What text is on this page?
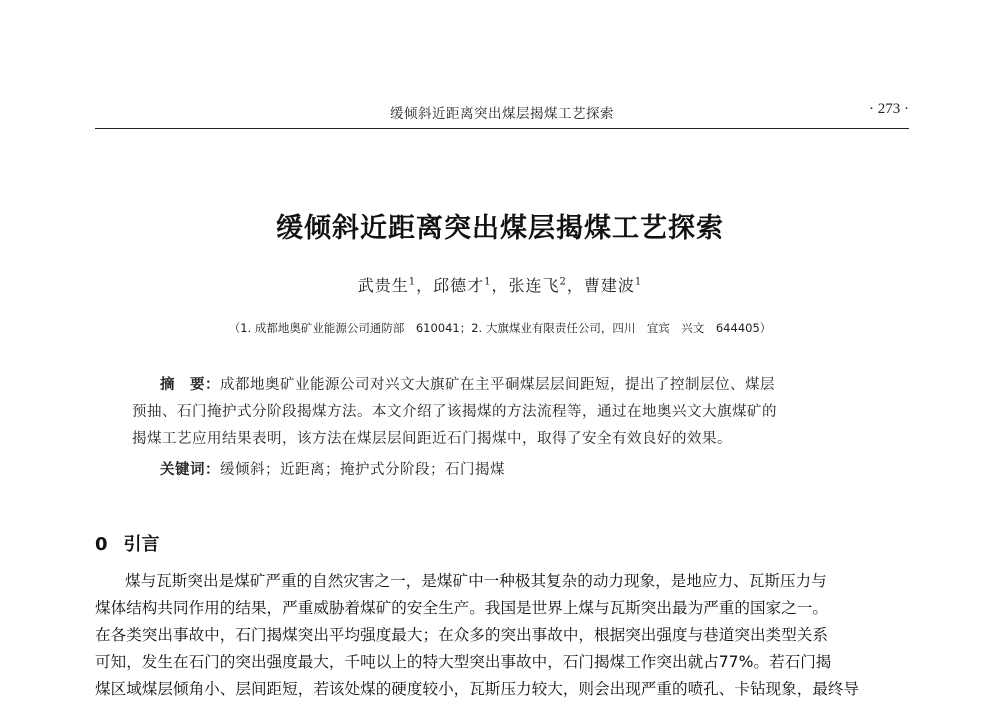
缓倾斜近距离突出煤层揭煤工艺探索	· 273 ·
缓倾斜近距离突出煤层揭煤工艺探索
武贵生$^1$，邱德才$^1$，张连飞$^2$，曹建波$^1$
（1. 成都地奥矿业能源公司通防部　610041；2. 大旗煤业有限责任公司，四川　宜宾　兴文　644405）
摘　要：成都地奥矿业能源公司对兴文大旗矿在主平硐煤层层间距短，提出了控制层位、煤层
预抽、石门掩护式分阶段揭煤方法。本文介绍了该揭煤的方法流程等，通过在地奥兴文大旗煤矿的
揭煤工艺应用结果表明，该方法在煤层层间距近石门揭煤中，取得了安全有效良好的效果。
关键词：缓倾斜；近距离；掩护式分阶段；石门揭煤
0 引言
煤与瓦斯突出是煤矿严重的自然灾害之一，是煤矿中一种极其复杂的动力现象，是地应力、瓦斯压力与
煤体结构共同作用的结果，严重威胁着煤矿的安全生产。我国是世界上煤与瓦斯突出最为严重的国家之一。
在各类突出事故中，石门揭煤突出平均强度最大；在众多的突出事故中，根据突出强度与巷道突出类型关系
可知，发生在石门的突出强度最大，千吨以上的特大型突出事故中，石门揭煤工作突出就占77%。若石门揭
煤区域煤层倾角小、层间距短，若该处煤的硬度较小，瓦斯压力较大，则会出现严重的喷孔、卡钻现象，最终导
